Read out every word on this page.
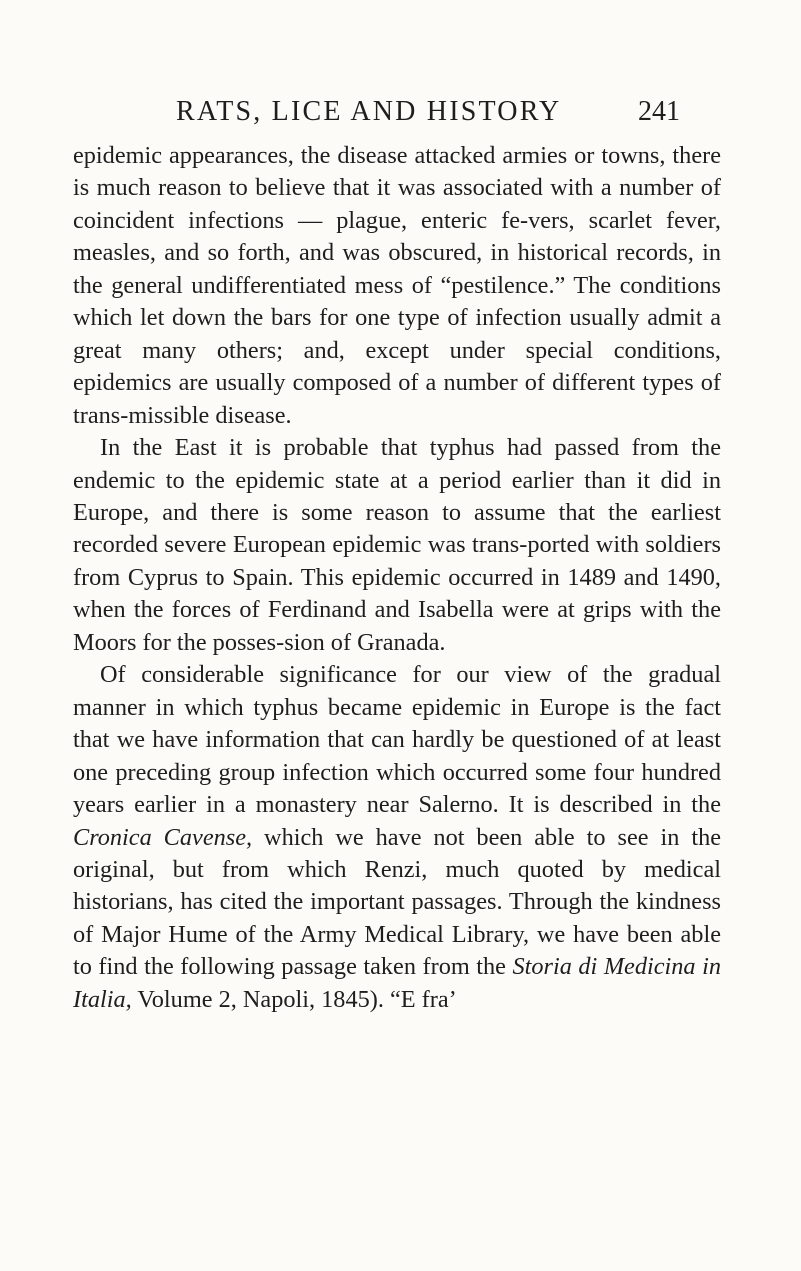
RATS, LICE AND HISTORY	241

epidemic appearances, the disease attacked armies or towns, there is much reason to believe that it was associated with a number of coincident infections — plague, enteric fe-vers, scarlet fever, measles, and so forth, and was obscured, in historical records, in the general undifferentiated mess of “pestilence.” The conditions which let down the bars for one type of infection usually admit a great many others; and, except under special conditions, epidemics are usually composed of a number of different types of trans-missible disease.

In the East it is probable that typhus had passed from the endemic to the epidemic state at a period earlier than it did in Europe, and there is some reason to assume that the earliest recorded severe European epidemic was trans-ported with soldiers from Cyprus to Spain. This epidemic occurred in 1489 and 1490, when the forces of Ferdinand and Isabella were at grips with the Moors for the posses-sion of Granada.

Of considerable significance for our view of the gradual manner in which typhus became epidemic in Europe is the fact that we have information that can hardly be questioned of at least one preceding group infection which occurred some four hundred years earlier in a monastery near Salerno. It is described in the Cronica Cavense, which we have not been able to see in the original, but from which Renzi, much quoted by medical historians, has cited the important passages. Through the kindness of Major Hume of the Army Medical Library, we have been able to find the following passage taken from the Storia di Medicina in Italia, Volume 2, Napoli, 1845). “E fra’
